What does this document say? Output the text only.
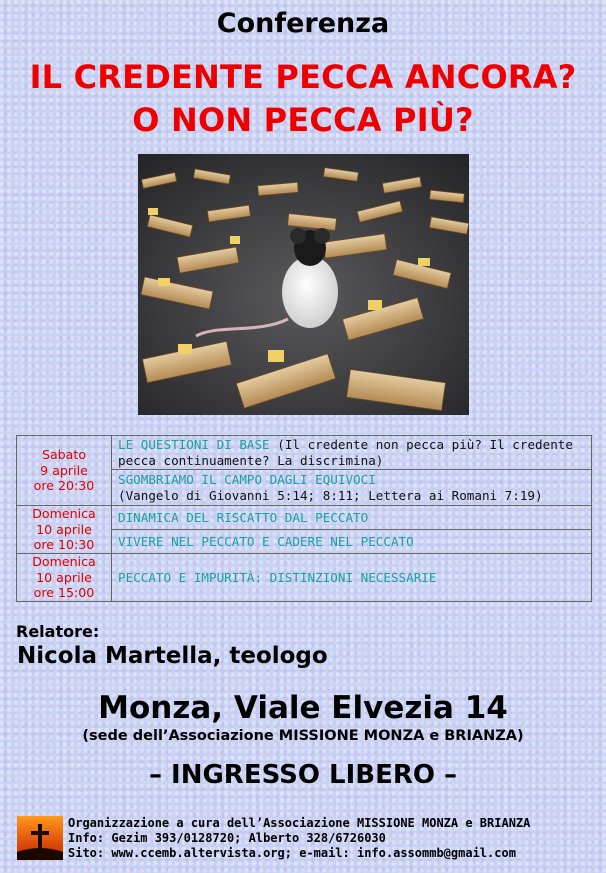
Conferenza
IL CREDENTE PECCA ANCORA?
O NON PECCA PIÙ?
Sabato
9 aprile
ore 20:30	LE QUESTIONI DI BASE (Il credente non pecca più? Il credente pecca continuamente? La discrimina)

	SGOMBRIAMO IL CAMPO DAGLI EQUIVOCI
(Vangelo di Giovanni 5:14; 8:11; Lettera ai Romani 7:19)

Domenica
10 aprile
ore 10:30	DINAMICA DEL RISCATTO DAL PECCATO
	VIVERE NEL PECCATO E CADERE NEL PECCATO

Domenica
10 aprile
ore 15:00	PECCATO E IMPURITÀ: DISTINZIONI NECESSARIE
Relatore:
Nicola Martella, teologo
Monza, Viale Elvezia 14
(sede dell’Associazione MISSIONE MONZA e BRIANZA)
– INGRESSO LIBERO –
Organizzazione a cura dell’Associazione MISSIONE MONZA e BRIANZA
Info: Gezim 393/0128720; Alberto 328/6726030
Sito: www.ccemb.altervista.org; e-mail: info.assommb@gmail.com
